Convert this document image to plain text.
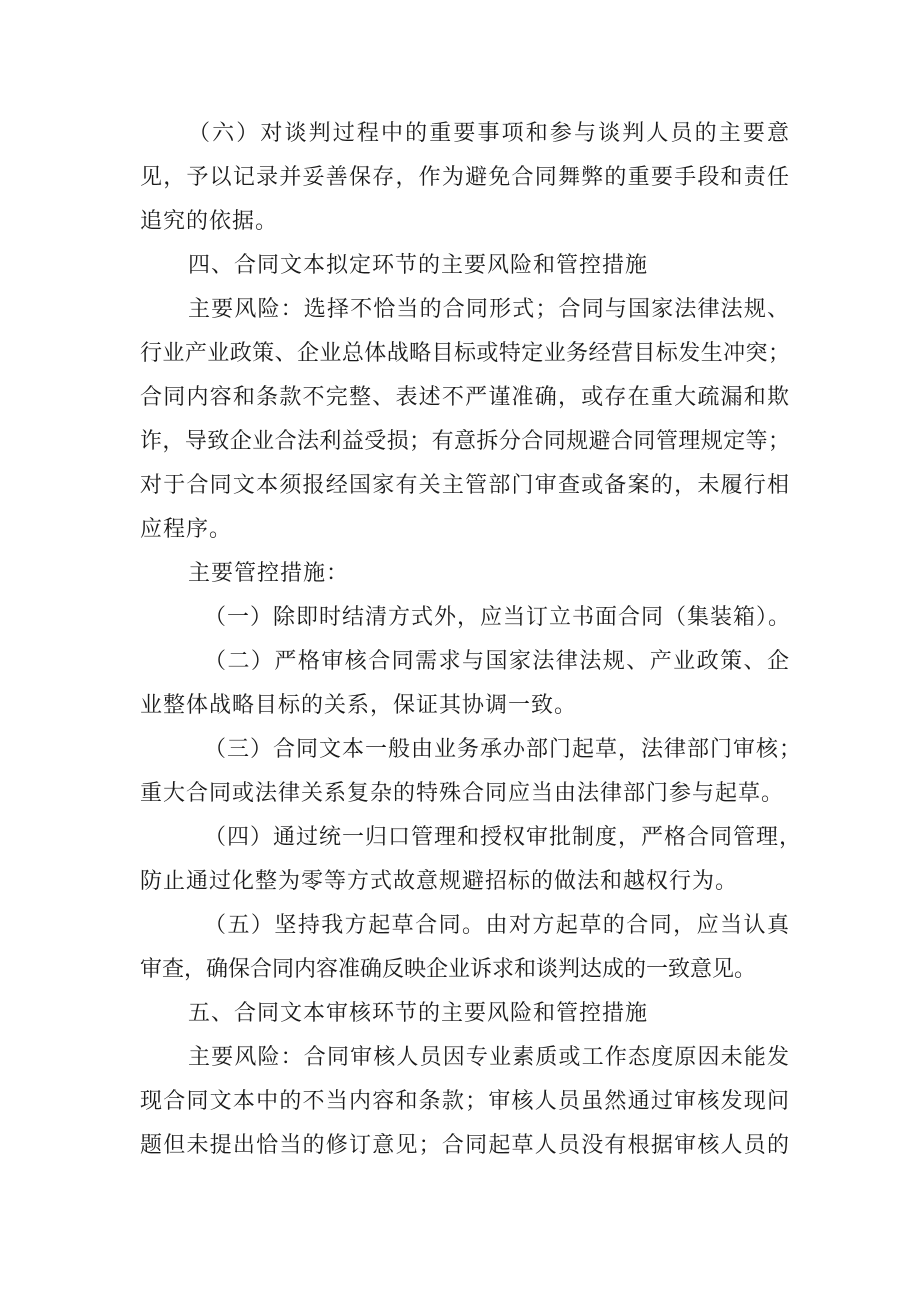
（六）对谈判过程中的重要事项和参与谈判人员的主要意
见，予以记录并妥善保存，作为避免合同舞弊的重要手段和责任
追究的依据。
四、合同文本拟定环节的主要风险和管控措施
主要风险：选择不恰当的合同形式；合同与国家法律法规、
行业产业政策、企业总体战略目标或特定业务经营目标发生冲突；
合同内容和条款不完整、表述不严谨准确，或存在重大疏漏和欺
诈，导致企业合法利益受损；有意拆分合同规避合同管理规定等；
对于合同文本须报经国家有关主管部门审查或备案的，未履行相
应程序。
主要管控措施：
（一）除即时结清方式外，应当订立书面合同（集装箱）。
（二）严格审核合同需求与国家法律法规、产业政策、企
业整体战略目标的关系，保证其协调一致。
（三）合同文本一般由业务承办部门起草，法律部门审核；
重大合同或法律关系复杂的特殊合同应当由法律部门参与起草。
（四）通过统一归口管理和授权审批制度，严格合同管理，
防止通过化整为零等方式故意规避招标的做法和越权行为。
（五）坚持我方起草合同。由对方起草的合同，应当认真
审查，确保合同内容准确反映企业诉求和谈判达成的一致意见。
五、合同文本审核环节的主要风险和管控措施
主要风险：合同审核人员因专业素质或工作态度原因未能发
现合同文本中的不当内容和条款；审核人员虽然通过审核发现问
题但未提出恰当的修订意见；合同起草人员没有根据审核人员的
